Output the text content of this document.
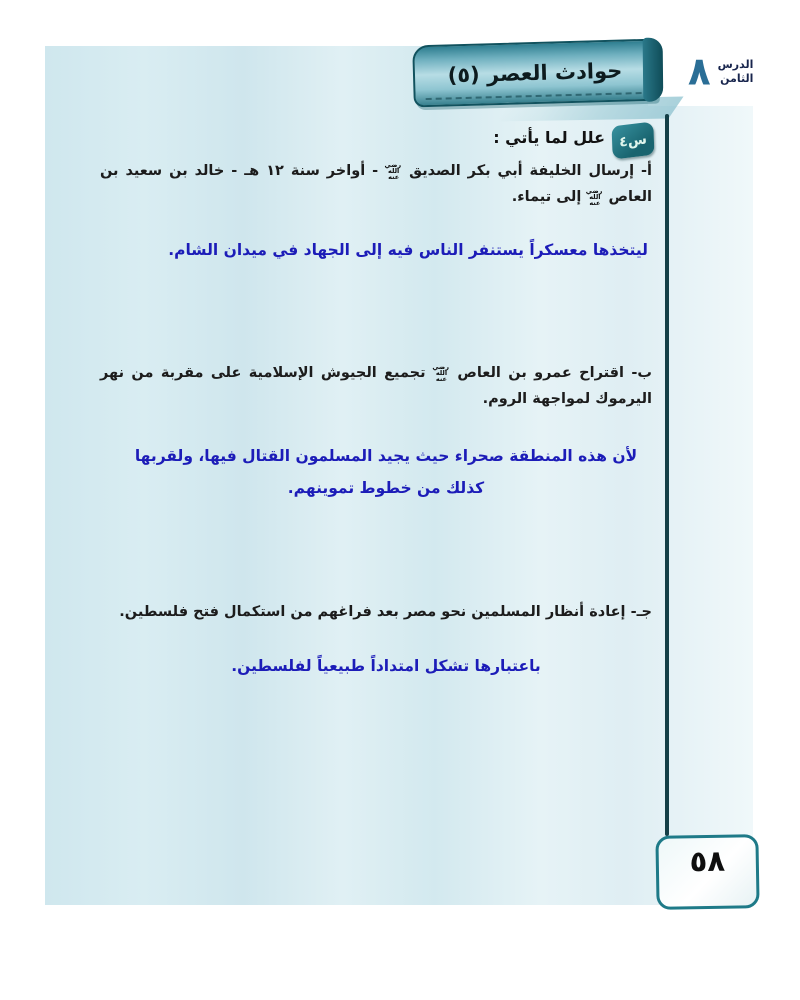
حوادث العصر (٥) ٨ الدرس
الثامن
س٤
علل لما يأتي :
أ- إرسال الخليفة أبي بكر الصديق رضي الله عنه - أواخر سنة ١٢ هـ - خالد بن سعيد بن العاص رضي الله عنه إلى تيماء.
ليتخذها معسكراً يستنفر الناس فيه إلى الجهاد في ميدان الشام.
ب- اقتراح عمرو بن العاص رضي الله عنه تجميع الجيوش الإسلامية على مقربة من نهر اليرموك لمواجهة الروم.
لأن هذه المنطقة صحراء حيث يجيد المسلمون القتال فيها، ولقربها كذلك من خطوط تموينهم.
جـ- إعادة أنظار المسلمين نحو مصر بعد فراغهم من استكمال فتح فلسطين.
باعتبارها تشكل امتداداً طبيعياً لفلسطين.
٥٨
